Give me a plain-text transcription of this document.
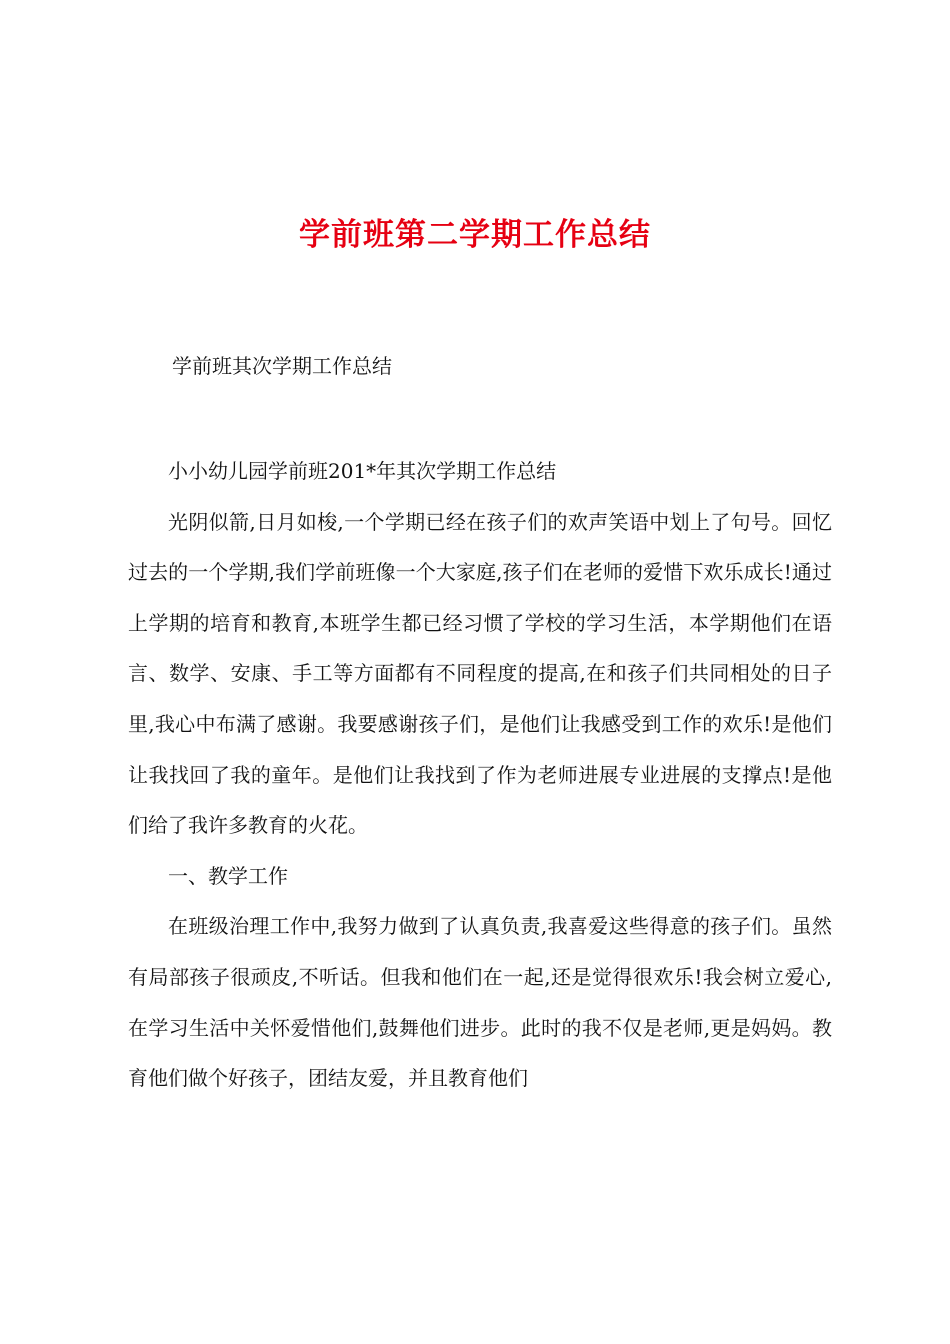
学前班第二学期工作总结
学前班其次学期工作总结

小小幼儿园学前班201*年其次学期工作总结

光阴似箭,日月如梭,一个学期已经在孩子们的欢声笑语中划上了句号。回忆过去的一个学期,我们学前班像一个大家庭,孩子们在老师的爱惜下欢乐成长!通过上学期的培育和教育,本班学生都已经习惯了学校的学习生活，本学期他们在语言、数学、安康、手工等方面都有不同程度的提高,在和孩子们共同相处的日子里,我心中布满了感谢。我要感谢孩子们，是他们让我感受到工作的欢乐!是他们让我找回了我的童年。是他们让我找到了作为老师进展专业进展的支撑点!是他们给了我许多教育的火花。

一、教学工作

在班级治理工作中,我努力做到了认真负责,我喜爱这些得意的孩子们。虽然有局部孩子很顽皮,不听话。但我和他们在一起,还是觉得很欢乐!我会树立爱心,在学习生活中关怀爱惜他们,鼓舞他们进步。此时的我不仅是老师,更是妈妈。教育他们做个好孩子，团结友爱，并且教育他们
